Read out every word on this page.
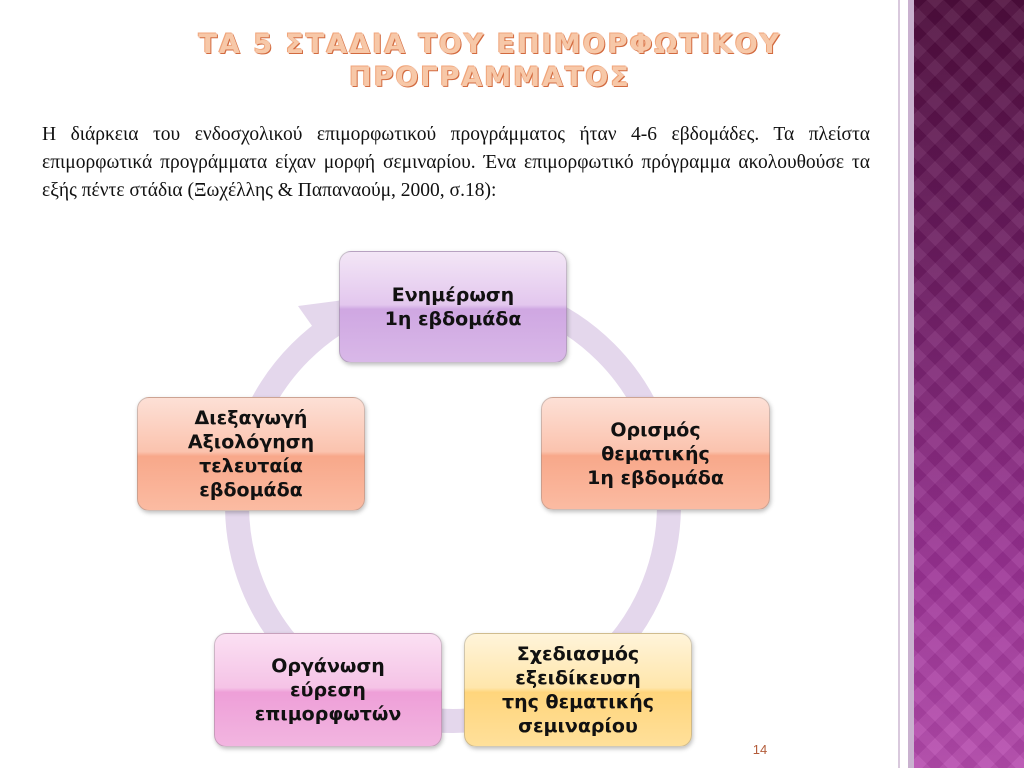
ΤΑ 5 ΣΤΑΔΙΑ ΤΟΥ ΕΠΙΜΟΡΦΩΤΙΚΟΥ
ΠΡΟΓΡΑΜΜΑΤΟΣ

Η διάρκεια του ενδοσχολικού επιμορφωτικού προγράμματος ήταν 4-6 εβδομάδες. Τα πλείστα επιμορφωτικά προγράμματα είχαν μορφή σεμιναρίου. Ένα επιμορφωτικό πρόγραμμα ακολουθούσε τα εξής πέντε στάδια (Ξωχέλλης & Παπαναούμ, 2000, σ.18):

Ενημέρωση
1η εβδομάδα
Ορισμός
θεματικής
1η εβδομάδα
Σχεδιασμός
εξειδίκευση
της θεματικής
σεμιναρίου
Οργάνωση
εύρεση
επιμορφωτών
Διεξαγωγή
Αξιολόγηση
τελευταία
εβδομάδα
14
